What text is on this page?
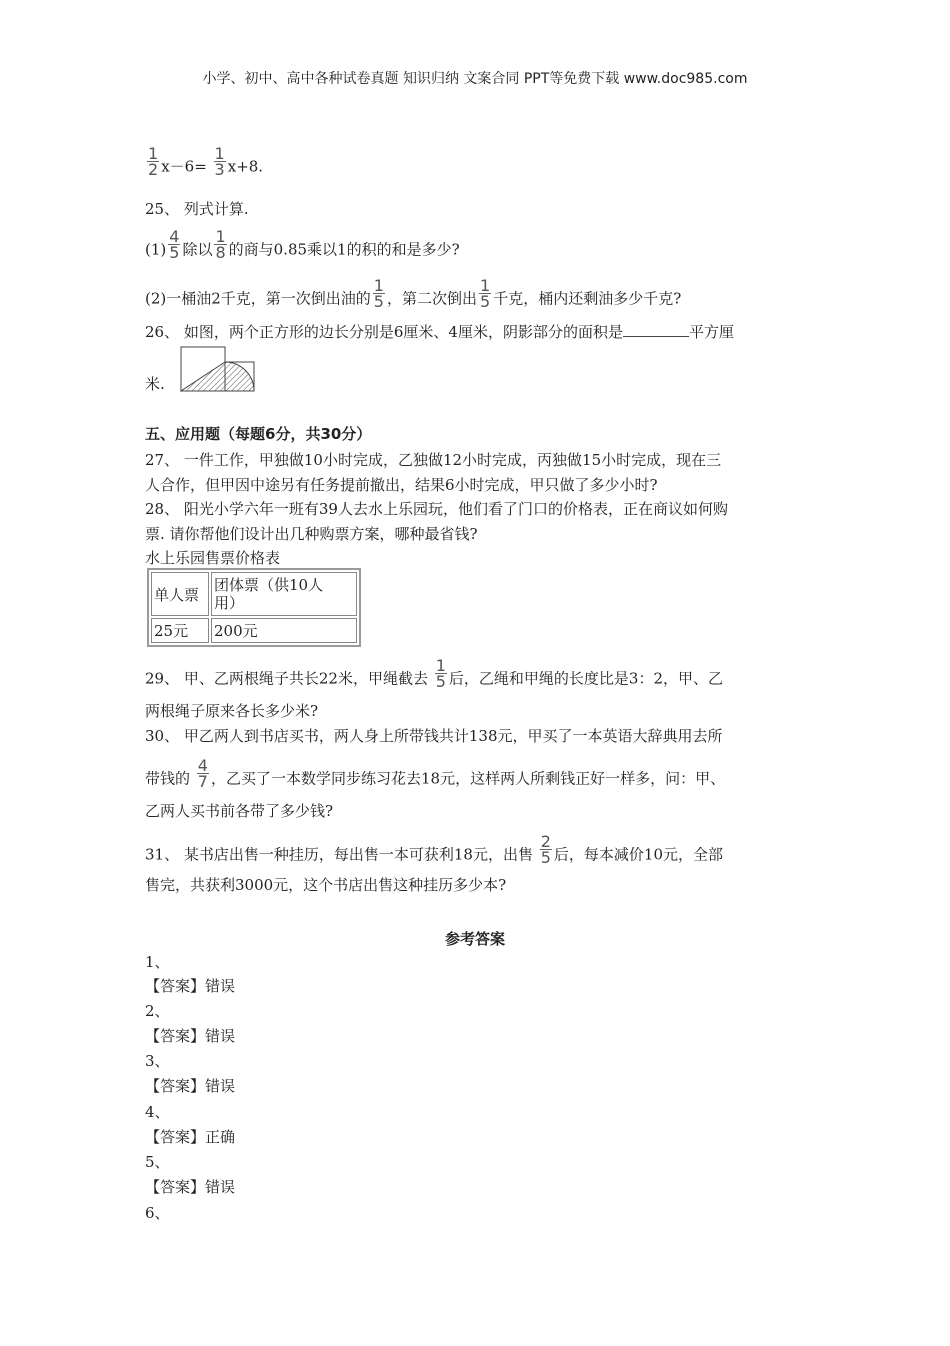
小学、初中、高中各种试卷真题 知识归纳 文案合同 PPT等免费下载 www.doc985.com
$\frac{1}{2} x-6= \frac{1}{3} x+8$.
25、 列式计算.
$(1) \frac{4}{5}$ 除以 $\frac{1}{8}$ 的商与0.85乘以1的积的和是多少?
(2)一桶油2千克，第一次倒出油的 $\frac{1}{5}$ ，第二次倒出 $\frac{1}{5}$ 千克，桶内还剩油多少千克?
26、 如图，两个正方形的边长分别是6厘米、4厘米，阴影部分的面积是	平方厘
米.
五、应用题（每题6分，共30分）
27、 一件工作，甲独做10小时完成，乙独做12小时完成，丙独做15小时完成，现在三
人合作，但甲因中途另有任务提前撤出，结果6小时完成，甲只做了多少小时?
28、 阳光小学六年一班有39人去水上乐园玩，他们看了门口的价格表，正在商议如何购
票. 请你帮他们设计出几种购票方案，哪种最省钱?
水上乐园售票价格表
单人票	团体票（供10人
用）
25元	200元
29、 甲、乙两根绳子共长22米，甲绳截去 $\frac{1}{5}$ 后，乙绳和甲绳的长度比是3：2，甲、乙
两根绳子原来各长多少米?
30、 甲乙两人到书店买书，两人身上所带钱共计138元，甲买了一本英语大辞典用去所
带钱的 $\frac{4}{7}$ ，乙买了一本数学同步练习花去18元，这样两人所剩钱正好一样多，问：甲、
乙两人买书前各带了多少钱?
31、 某书店出售一种挂历，每出售一本可获利18元，出售 $\frac{2}{5}$ 后，每本减价10元，全部
售完，共获利3000元，这个书店出售这种挂历多少本?
参考答案
1、
【答案】错误
2、
【答案】错误
3、
【答案】错误
4、
【答案】正确
5、
【答案】错误
6、
